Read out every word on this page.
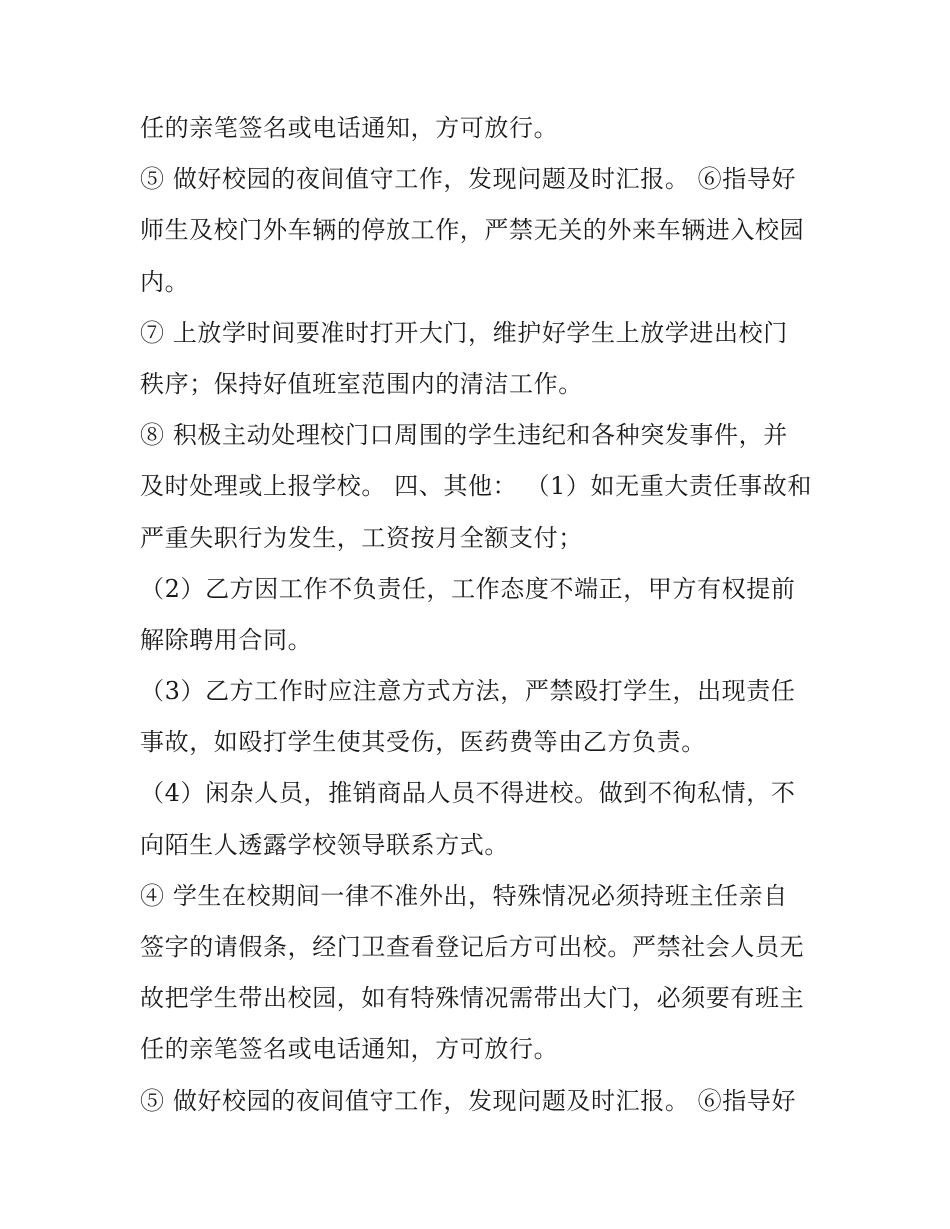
任的亲笔签名或电话通知，方可放行。
⑤ 做好校园的夜间值守工作，发现问题及时汇报。 ⑥指导好
师生及校门外车辆的停放工作，严禁无关的外来车辆进入校园
内。
⑦ 上放学时间要准时打开大门，维护好学生上放学进出校门
秩序；保持好值班室范围内的清洁工作。
⑧ 积极主动处理校门口周围的学生违纪和各种突发事件，并
及时处理或上报学校。 四、其他： （1）如无重大责任事故和
严重失职行为发生，工资按月全额支付；
（2）乙方因工作不负责任，工作态度不端正，甲方有权提前
解除聘用合同。
（3）乙方工作时应注意方式方法，严禁殴打学生，出现责任
事故，如殴打学生使其受伤，医药费等由乙方负责。
（4）闲杂人员，推销商品人员不得进校。做到不徇私情，不
向陌生人透露学校领导联系方式。
④ 学生在校期间一律不准外出，特殊情况必须持班主任亲自
签字的请假条，经门卫查看登记后方可出校。严禁社会人员无
故把学生带出校园，如有特殊情况需带出大门，必须要有班主
任的亲笔签名或电话通知，方可放行。
⑤ 做好校园的夜间值守工作，发现问题及时汇报。 ⑥指导好
